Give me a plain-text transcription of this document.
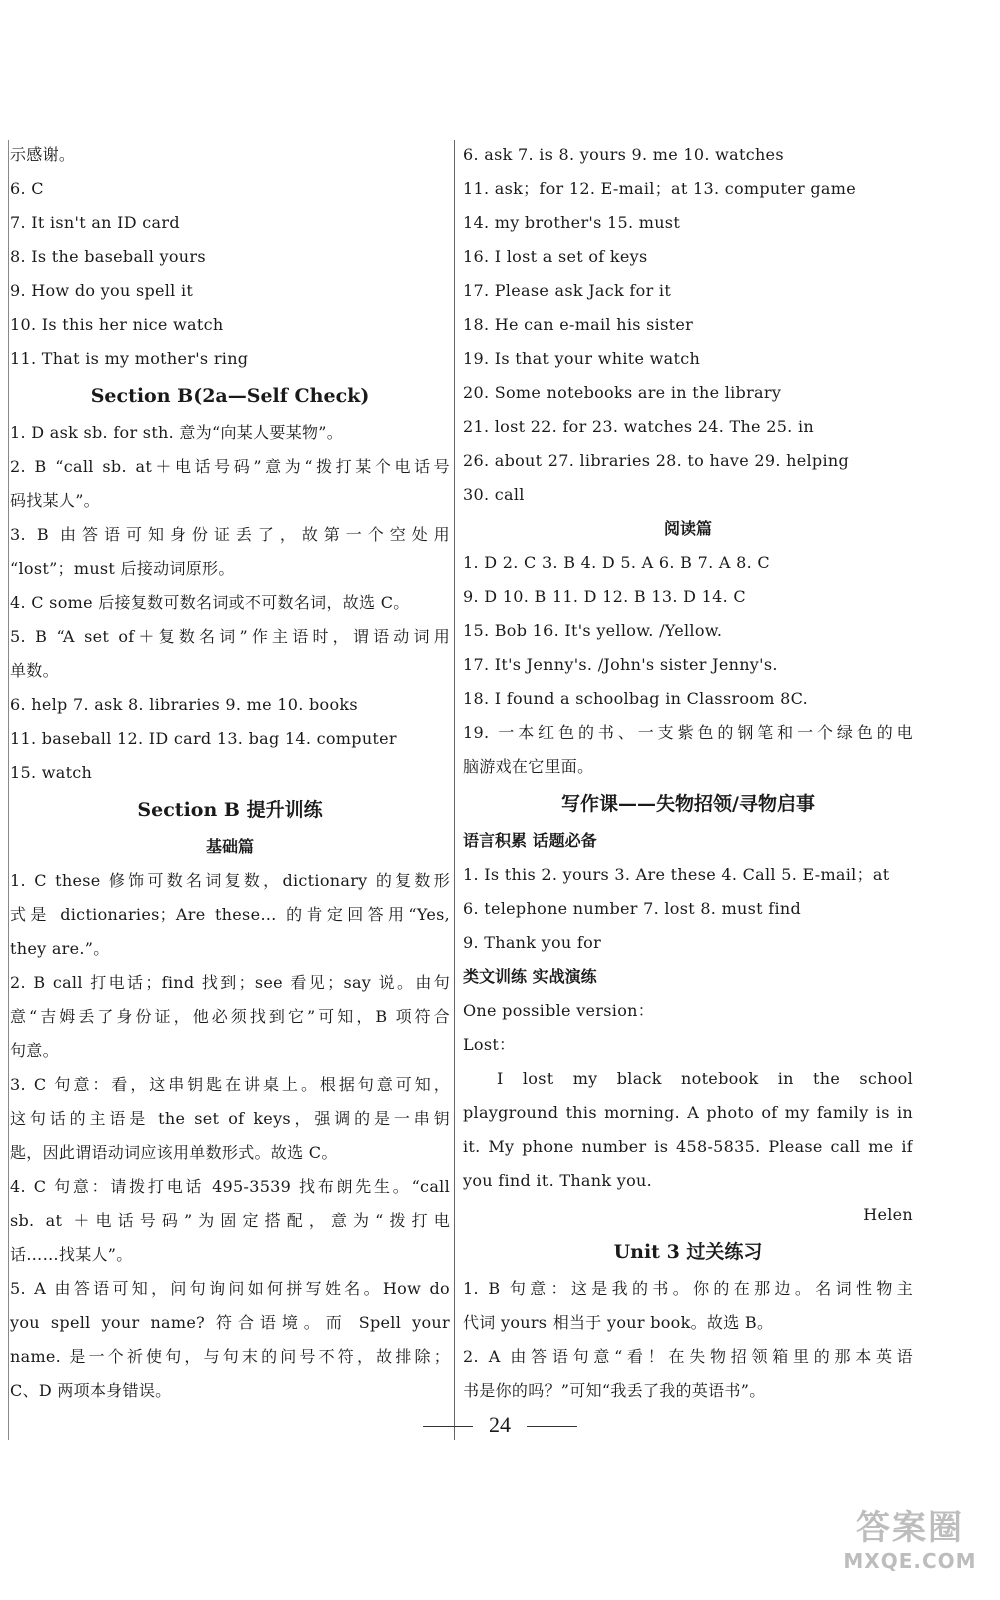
示感谢。
6. C
7. It isn't an ID card
8. Is the baseball yours
9. How do you spell it
10. Is this her nice watch
11. That is my mother's ring
Section B(2a—Self Check)
1. D ask sb. for sth. 意为“向某人要某物”。
2. B “call sb. at＋电话号码”意为“拨打某个电话号
码找某人”。
3. B 由答语可知身份证丢了，故第一个空处用
“lost”；must 后接动词原形。
4. C some 后接复数可数名词或不可数名词，故选 C。
5. B “A set of＋复数名词”作主语时，谓语动词用
单数。
6. help 7. ask 8. libraries 9. me 10. books
11. baseball 12. ID card 13. bag 14. computer
15. watch
Section B 提升训练
基础篇
1. C these 修饰可数名词复数，dictionary 的复数形
式是 dictionaries；Are these… 的肯定回答用“Yes,
they are.”。
2. B call 打电话；find 找到；see 看见；say 说。由句
意“吉姆丢了身份证，他必须找到它”可知，B 项符合
句意。
3. C 句意：看，这串钥匙在讲桌上。根据句意可知，
这句话的主语是 the set of keys，强调的是一串钥
匙，因此谓语动词应该用单数形式。故选 C。
4. C 句意：请拨打电话 495-3539 找布朗先生。“call
sb. at ＋电话号码”为固定搭配，意为“拨打电
话……找某人”。
5. A 由答语可知，问句询问如何拼写姓名。How do
you spell your name? 符合语境。而 Spell your
name. 是一个祈使句，与句末的问号不符，故排除；
C、D 两项本身错误。
6. ask 7. is 8. yours 9. me 10. watches
11. ask；for 12. E-mail；at 13. computer game
14. my brother's 15. must
16. I lost a set of keys
17. Please ask Jack for it
18. He can e-mail his sister
19. Is that your white watch
20. Some notebooks are in the library
21. lost 22. for 23. watches 24. The 25. in
26. about 27. libraries 28. to have 29. helping
30. call
阅读篇
1. D 2. C 3. B 4. D 5. A 6. B 7. A 8. C
9. D 10. B 11. D 12. B 13. D 14. C
15. Bob 16. It's yellow. /Yellow.
17. It's Jenny's. /John's sister Jenny's.
18. I found a schoolbag in Classroom 8C.
19. 一本红色的书、一支紫色的钢笔和一个绿色的电
脑游戏在它里面。
写作课——失物招领/寻物启事
语言积累 话题必备
1. Is this 2. yours 3. Are these 4. Call 5. E-mail；at
6. telephone number 7. lost 8. must find
9. Thank you for
类文训练 实战演练
One possible version：
Lost：
I lost my black notebook in the school
playground this morning. A photo of my family is in
it. My phone number is 458-5835. Please call me if
you find it. Thank you.
Helen
Unit 3 过关练习
1. B 句意：这是我的书。你的在那边。名词性物主
代词 yours 相当于 your book。故选 B。
2. A 由答语句意“看！在失物招领箱里的那本英语
书是你的吗？”可知“我丢了我的英语书”。
24
答案圈
MXQE.COM
